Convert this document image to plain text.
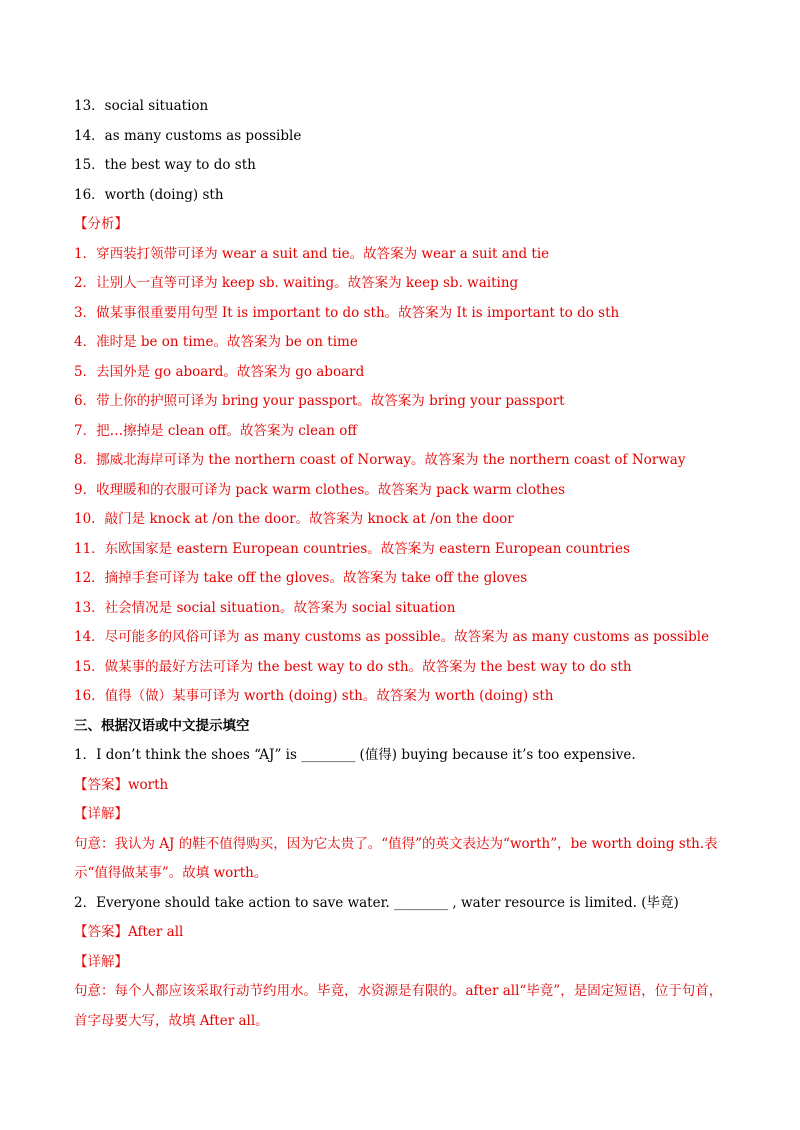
13．social situation
14．as many customs as possible
15．the best way to do sth
16．worth (doing) sth
【分析】
1．穿西装打领带可译为 wear a suit and tie。故答案为 wear a suit and tie
2．让别人一直等可译为 keep sb. waiting。故答案为 keep sb. waiting
3．做某事很重要用句型 It is important to do sth。故答案为 It is important to do sth
4．准时是 be on time。故答案为 be on time
5．去国外是 go aboard。故答案为 go aboard
6．带上你的护照可译为 bring your passport。故答案为 bring your passport
7．把…擦掉是 clean off。故答案为 clean off
8．挪威北海岸可译为 the northern coast of Norway。故答案为 the northern coast of Norway
9．收理暖和的衣服可译为 pack warm clothes。故答案为 pack warm clothes
10．敲门是 knock at /on the door。故答案为 knock at /on the door
11．东欧国家是 eastern European countries。故答案为 eastern European countries
12．摘掉手套可译为 take off the gloves。故答案为 take off the gloves
13．社会情况是 social situation。故答案为 social situation
14．尽可能多的风俗可译为 as many customs as possible。故答案为 as many customs as possible
15．做某事的最好方法可译为 the best way to do sth。故答案为 the best way to do sth
16．值得（做）某事可译为 worth (doing) sth。故答案为 worth (doing) sth
三、根据汉语或中文提示填空
1．I don’t think the shoes “AJ” is ________ (值得) buying because it’s too expensive.
【答案】worth
【详解】
句意：我认为 AJ 的鞋不值得购买，因为它太贵了。“值得”的英文表达为“worth”，be worth doing sth.表示“值得做某事”。故填 worth。
2．Everyone should take action to save water. ________ , water resource is limited. (毕竟)
【答案】After all
【详解】
句意：每个人都应该采取行动节约用水。毕竟，水资源是有限的。after all“毕竟”，是固定短语，位于句首，首字母要大写，故填 After all。
